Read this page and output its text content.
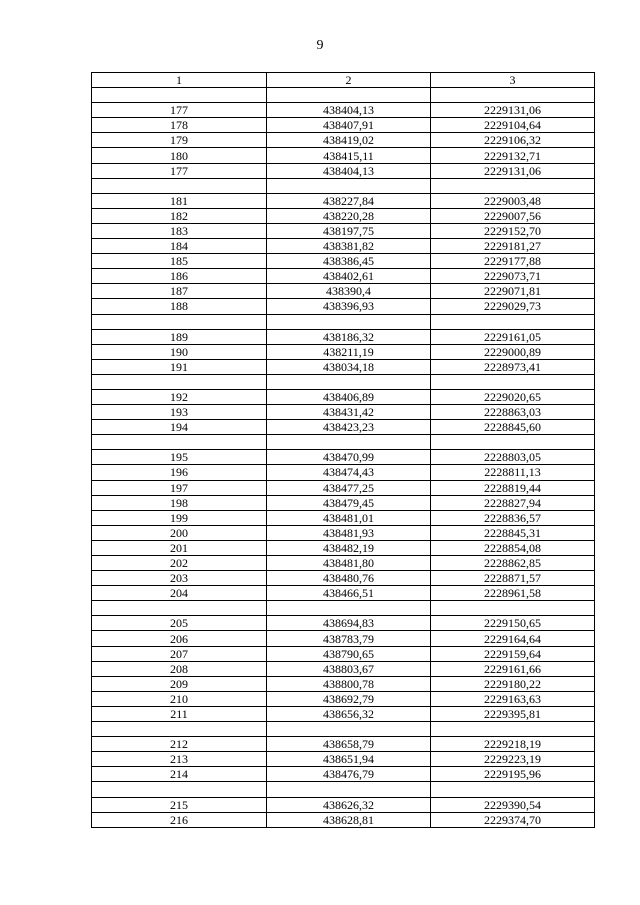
9
1	2	3

177	438404,13	2229131,06
178	438407,91	2229104,64
179	438419,02	2229106,32
180	438415,11	2229132,71
177	438404,13	2229131,06

181	438227,84	2229003,48
182	438220,28	2229007,56
183	438197,75	2229152,70
184	438381,82	2229181,27
185	438386,45	2229177,88
186	438402,61	2229073,71
187	438390,4	2229071,81
188	438396,93	2229029,73

189	438186,32	2229161,05
190	438211,19	2229000,89
191	438034,18	2228973,41

192	438406,89	2229020,65
193	438431,42	2228863,03
194	438423,23	2228845,60

195	438470,99	2228803,05
196	438474,43	2228811,13
197	438477,25	2228819,44
198	438479,45	2228827,94
199	438481,01	2228836,57
200	438481,93	2228845,31
201	438482,19	2228854,08
202	438481,80	2228862,85
203	438480,76	2228871,57
204	438466,51	2228961,58

205	438694,83	2229150,65
206	438783,79	2229164,64
207	438790,65	2229159,64
208	438803,67	2229161,66
209	438800,78	2229180,22
210	438692,79	2229163,63
211	438656,32	2229395,81

212	438658,79	2229218,19
213	438651,94	2229223,19
214	438476,79	2229195,96

215	438626,32	2229390,54
216	438628,81	2229374,70
